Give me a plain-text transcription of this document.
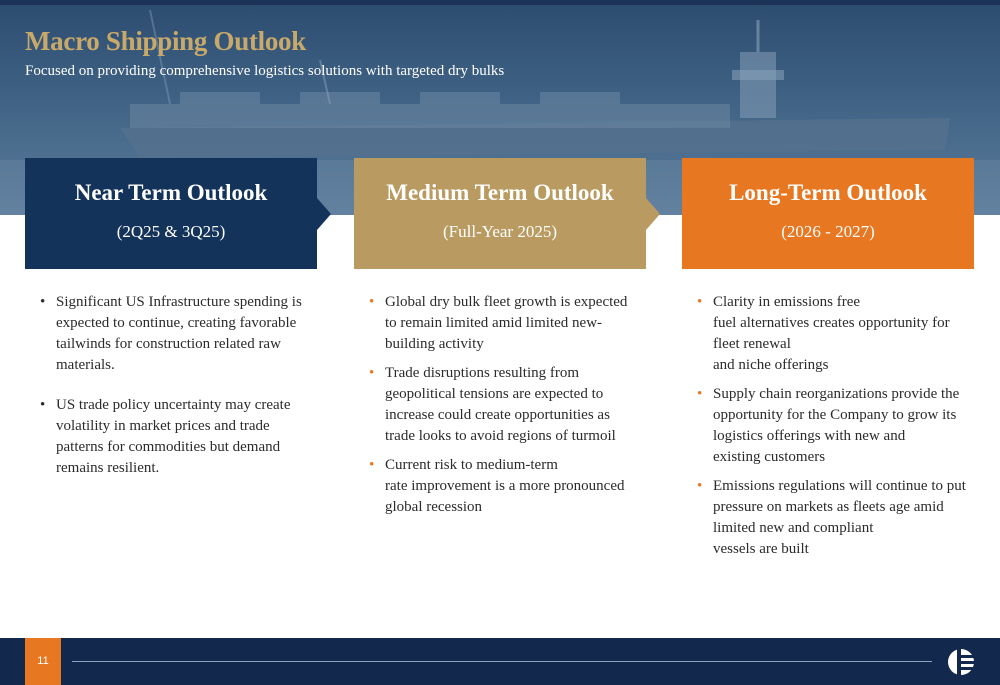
Macro Shipping Outlook

Focused on providing comprehensive logistics solutions with targeted dry bulks

Near Term Outlook
(2Q25 & 3Q25)
Medium Term Outlook
(Full-Year 2025)
Long-Term Outlook
(2026 - 2027)
• Significant US Infrastructure spending is
expected to continue, creating favorable
tailwinds for construction related raw
materials.
• US trade policy uncertainty may create
volatility in market prices and trade
patterns for commodities but demand
remains resilient.
• Global dry bulk fleet growth is expected
to remain limited amid limited new-
building activity
• Trade disruptions resulting from
geopolitical tensions are expected to
increase could create opportunities as
trade looks to avoid regions of turmoil
• Current risk to medium-term
rate improvement is a more pronounced
global recession
• Clarity in emissions free
fuel alternatives creates opportunity for
fleet renewal
and niche offerings
• Supply chain reorganizations provide the
opportunity for the Company to grow its
logistics offerings with new and
existing customers
• Emissions regulations will continue to put
pressure on markets as fleets age amid
limited new and compliant
vessels are built
11
